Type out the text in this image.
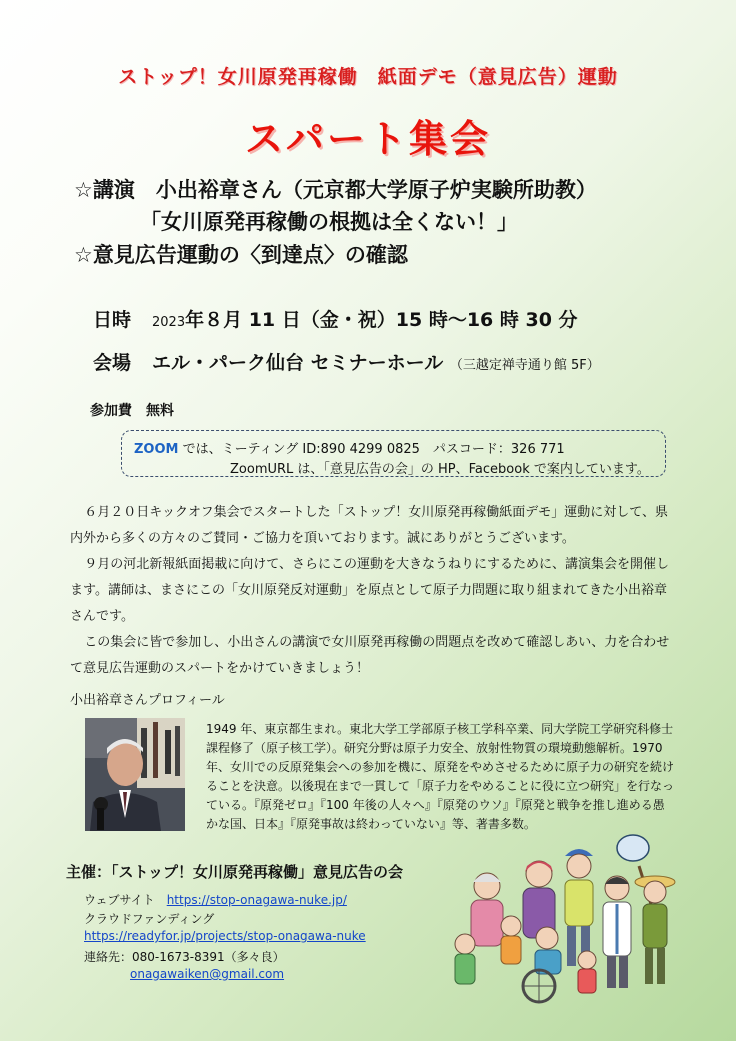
ストップ！女川原発再稼働　紙面デモ（意見広告）運動
スパート集会
☆講演　小出裕章さん（元京都大学原子炉実験所助教）
「女川原発再稼働の根拠は全くない！」
☆意見広告運動の〈到達点〉の確認
日時 2023年８月 11 日（金・祝）15 時～16 時 30 分
会場 エル・パーク仙台 セミナーホール （三越定禅寺通り館 5F）
参加費　 無料
ZOOM では、ミーティング ID:890 4299 0825　パスコード：326 771
ZoomURL は、「意見広告の会」の HP、Facebook で案内しています。

６月２０日キックオフ集会でスタートした「ストップ！女川原発再稼働紙面デモ」運動に対して、県内外から多くの方々のご賛同・ご協力を頂いております。誠にありがとうございます。

９月の河北新報紙面掲載に向けて、さらにこの運動を大きなうねりにするために、講演集会を開催します。講師は、まさにこの「女川原発反対運動」を原点として原子力問題に取り組まれてきた小出裕章さんです。

この集会に皆で参加し、小出さんの講演で女川原発再稼働の問題点を改めて確認しあい、力を合わせて意見広告運動のスパートをかけていきましょう！

小出裕章さんプロフィール
1949 年、東京都生まれ。東北大学工学部原子核工学科卒業、同大学院工学研究科修士課程修了（原子核工学）。研究分野は原子力安全、放射性物質の環境動態解析。1970 年、女川での反原発集会への参加を機に、原発をやめさせるために原子力の研究を続けることを決意。以後現在まで一貫して「原子力をやめることに役に立つ研究」を行なっている。『原発ゼロ』『100 年後の人々へ』『原発のウソ』『原発と戦争を推し進める愚かな国、日本』『原発事故は終わっていない』等、著書多数。
主催：「ストップ！女川原発再稼働」意見広告の会
ウェブサイト　 https://stop-onagawa-nuke.jp/
クラウドファンディング
https://readyfor.jp/projects/stop-onagawa-nuke
連絡先：080-1673-8391（多々良）
onagawaiken@gmail.com
